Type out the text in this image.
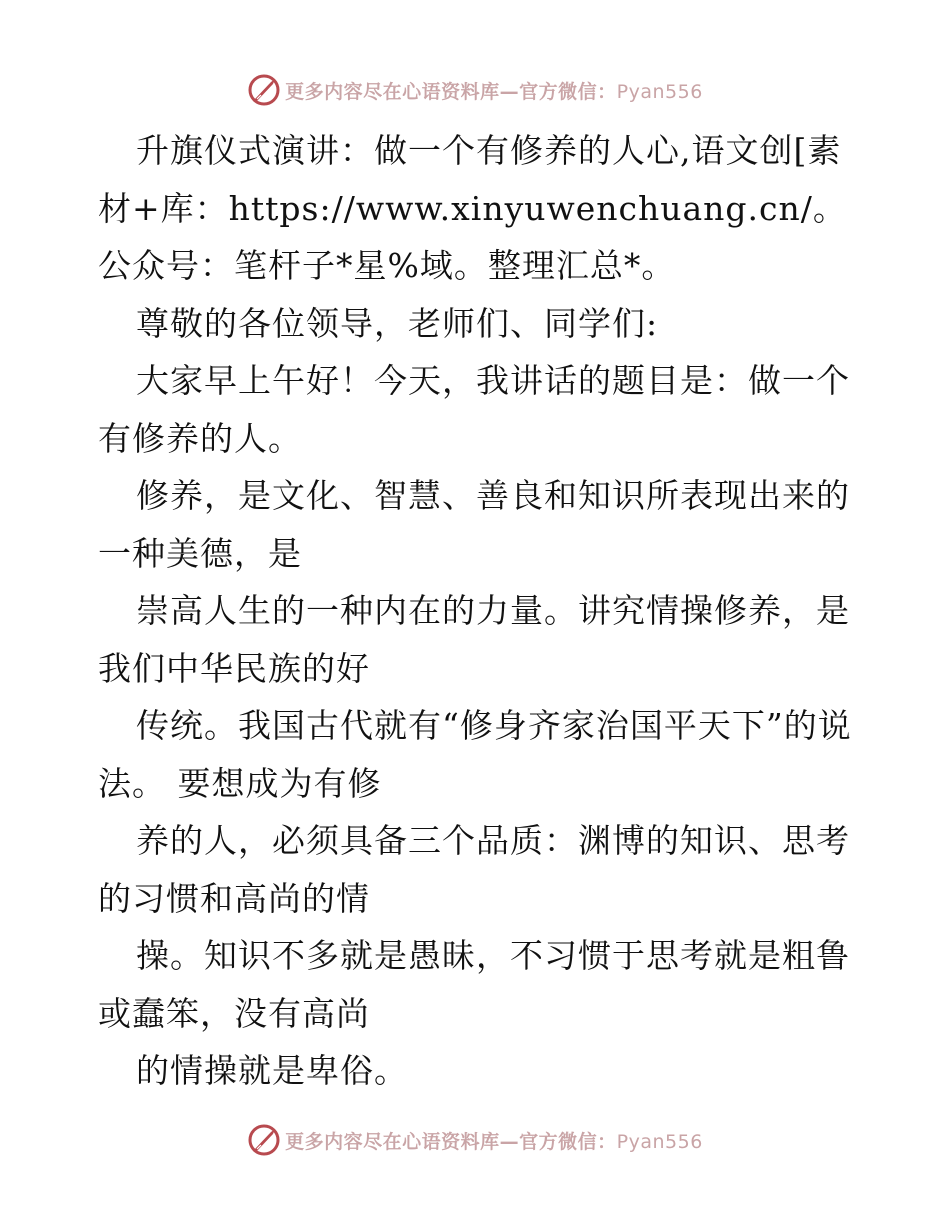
更多内容尽在心语资料库—官方微信：Pyan556

升旗仪式演讲：做一个有修养的人心,语文创[素材+库：https://www.xinyuwenchuang.cn/。公众号：笔杆子*星%域。整理汇总*。

尊敬的各位领导，老师们、同学们:

大家早上午好！今天，我讲话的题目是：做一个有修养的人。

修养，是文化、智慧、善良和知识所表现出来的一种美德，是

崇高人生的一种内在的力量。讲究情操修养，是我们中华民族的好

传统。我国古代就有“修身齐家治国平天下”的说法。 要想成为有修

养的人，必须具备三个品质：渊博的知识、思考的习惯和高尚的情

操。知识不多就是愚昧，不习惯于思考就是粗鲁或蠢笨，没有高尚

的情操就是卑俗。

更多内容尽在心语资料库—官方微信：Pyan556
